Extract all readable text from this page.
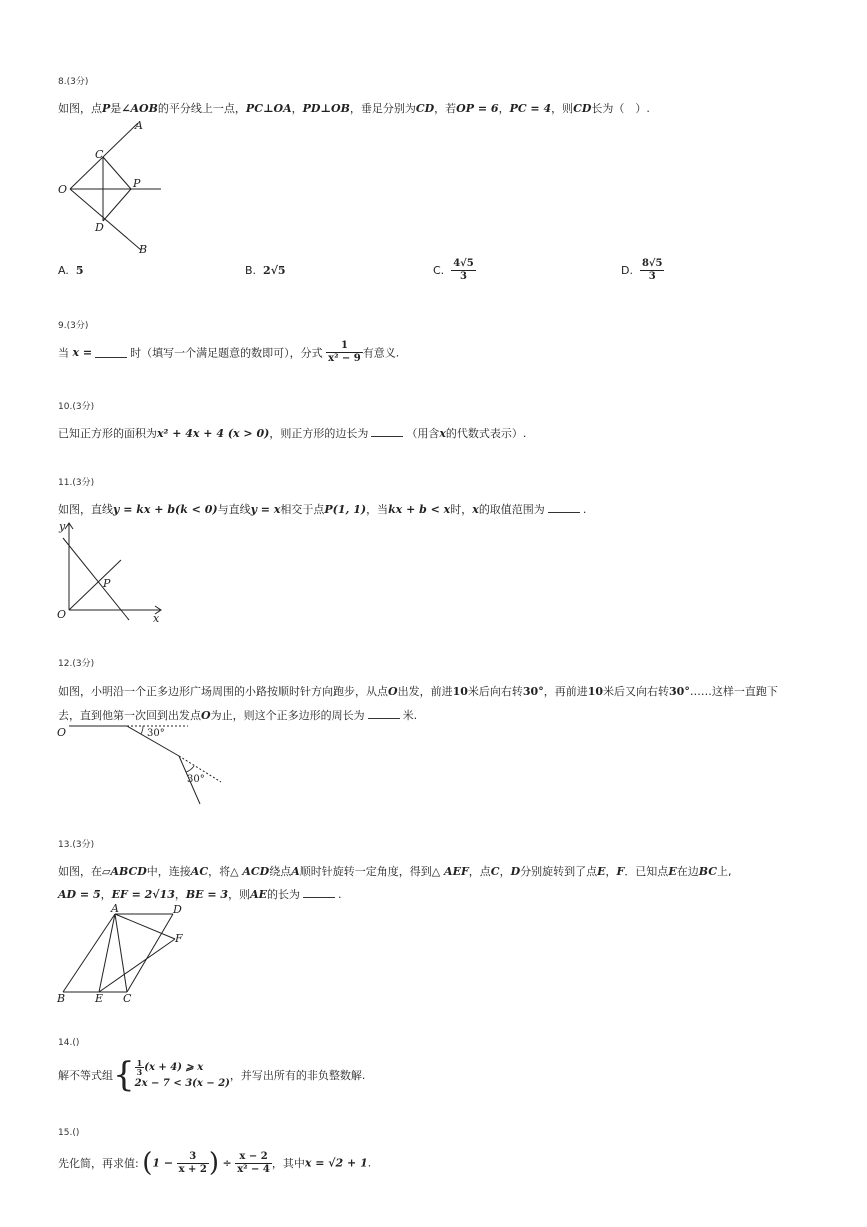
8.(3分)
如图，点P是∠AOB的平分线上一点，PC⊥OA，PD⊥OB，垂足分别为CD，若OP = 6，PC = 4，则CD长为（　）.
A
C
O	P
D
B
A. 5	B. 2√5	C. $\frac{4√5}{3}$	D. $\frac{8√5}{3}$
9.(3分)
当 x =	时（填写一个满足题意的数即可），分式 $\frac{1}{\text{x² − 9}}$ 有意义.
10.(3分)
已知正方形的面积为x² + 4x + 4 (x > 0)，则正方形的边长为	（用含x的代数式表示）.
11.(3分)
如图，直线y = kx + b(k < 0)与直线y = x相交于点P(1, 1)，当kx + b < x时，x的取值范围为	.
y
x
O
P
12.(3分)
如图，小明沿一个正多边形广场周围的小路按顺时针方向跑步，从点O出发，前进10米后向右转30°，再前进10米后又向右转30°……这样一直跑下
去，直到他第一次回到出发点O为止，则这个正多边形的周长为	米.
O	30°
30°
13.(3分)
如图，在▱ABCD中，连接AC，将△ ACD绕点A顺时针旋转一定角度，得到△ AEF，点C，D分别旋转到了点E，F．已知点E在边BC上,
AD = 5，EF = 2√13，BE = 3，则AE的长为	.
A	D
F
B	E C
14.()
解不等式组{ $\frac{1}{3} (x + 4)$ ⩾ x
2x − 7 < 3(x − 2)
，并写出所有的非负整数解.
15.()
先化简，再求值: ($1 - \frac{3}{x + 2}$ ) ÷ $\frac{x - 2}{\text{x² − 4}}$ ，其中x = √2 + 1.
